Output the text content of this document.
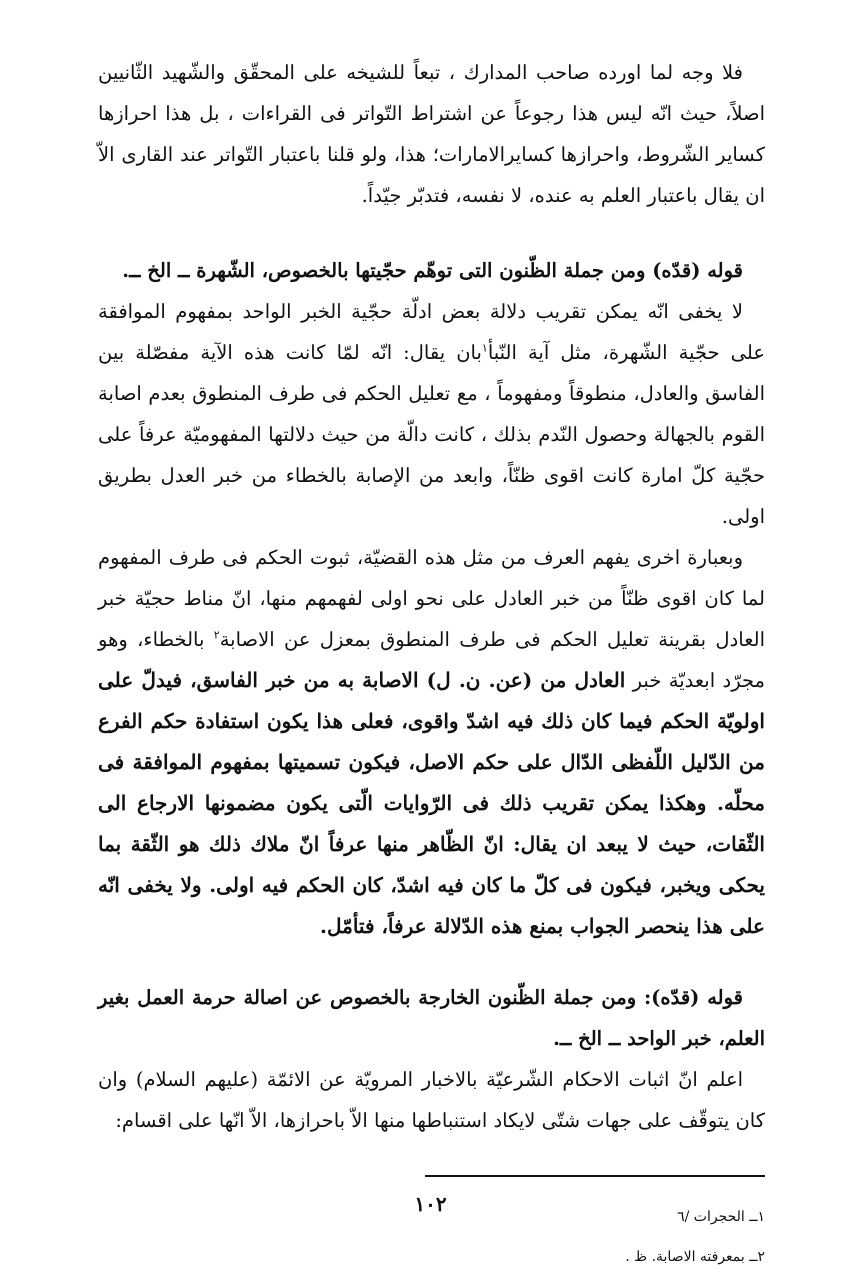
فلا وجه لما اورده صاحب المدارك ، تبعاً للشيخه على المحقّق والشّهيد الثّانيين اصلاً، حيث انّه ليس هذا رجوعاً عن اشتراط التّواتر فى القراءات ، بل هذا احرازها كساير الشّروط، واحرازها كسايرالامارات؛ هذا، ولو قلنا باعتبار التّواتر عند القارى الاّ ان يقال باعتبار العلم به عنده، لا نفسه، فتدبّر جيّداً.

قوله (قدّه) ومن جملة الظّنون التى توهّم حجّيتها بالخصوص، الشّهرة ــ الخ ــ.

لا يخفى انّه يمكن تقريب دلالة بعض ادلّة حجّية الخبر الواحد بمفهوم الموافقة على حجّية الشّهرة، مثل آية النّبأ$^١$بان يقال: انّه لمّا كانت هذه الآية مفصّلة بين الفاسق والعادل، منطوقاً ومفهوماً ، مع تعليل الحكم فى طرف المنطوق بعدم اصابة القوم بالجهالة وحصول النّدم بذلك ، كانت دالّة من حيث دلالتها المفهوميّة عرفاً على حجّية كلّ امارة كانت اقوى ظنّاً، وابعد من الإصابة بالخطاء من خبر العدل بطريق اولى.

وبعبارة اخرى يفهم العرف من مثل هذه القضيّة، ثبوت الحكم فى طرف المفهوم لما كان اقوى ظنّاً من خبر العادل على نحو اولى لفهمهم منها، انّ مناط حجيّة خبر العادل بقرينة تعليل الحكم فى طرف المنطوق بمعزل عن الاصابة$^٢$ بالخطاء، وهو مجرّد ابعديّة خبر العادل من (عن. ن. ل) الاصابة به من خبر الفاسق، فيدلّ على اولويّة الحكم فيما كان ذلك فيه اشدّ واقوى، فعلى هذا يكون استفادة حكم الفرع من الدّليل اللّفظى الدّال على حكم الاصل، فيكون تسميتها بمفهوم الموافقة فى محلّه. وهكذا يمكن تقريب ذلك فى الرّوايات الّتى يكون مضمونها الارجاع الى الثّقات، حيث لا يبعد ان يقال: انّ الظّاهر منها عرفاً انّ ملاك ذلك هو الثّقة بما يحكى ويخبر، فيكون فى كلّ ما كان فيه اشدّ، كان الحكم فيه اولى. ولا يخفى انّه على هذا ينحصر الجواب بمنع هذه الدّلالة عرفاً، فتأمّل.

قوله (قدّه): ومن جملة الظّنون الخارجة بالخصوص عن اصالة حرمة العمل بغير العلم، خبر الواحد ــ الخ ــ.

اعلم انّ اثبات الاحكام الشّرعيّة بالاخبار المرويّة عن الائمّة (عليهم السلام) وان كان يتوقّف على جهات شتّى لايكاد استنباطها منها الاّ باحرازها، الاّ انّها على اقسام:

١ــ الحجرات /٦
٢ــ بمعرفته الاصابة. ظ .
١٠٢
